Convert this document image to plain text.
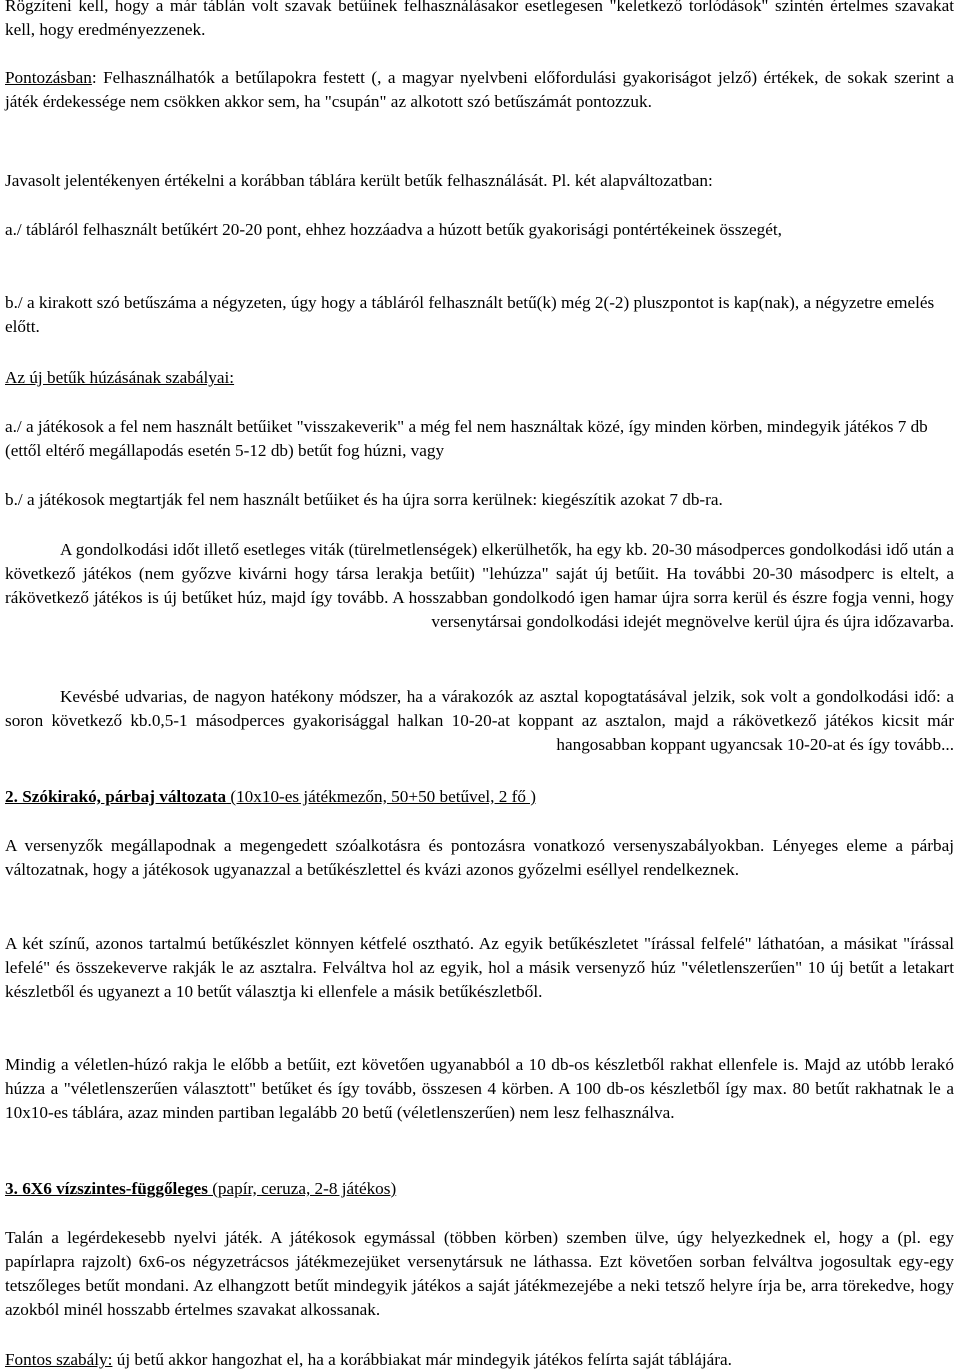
Rögzíteni kell, hogy a már táblán volt szavak betűinek felhasználásakor esetlegesen "keletkező torlódások" szintén értelmes szavakat kell, hogy eredményezzenek.

Pontozásban: Felhasználhatók a betűlapokra festett (, a magyar nyelvbeni előfordulási gyakoriságot jelző) értékek, de sokak szerint a játék érdekessége nem csökken akkor sem, ha "csupán" az alkotott szó betűszámát pontozzuk.

Javasolt jelentékenyen értékelni a korábban táblára került betűk felhasználását. Pl. két alapváltozatban:

a./ tábláról felhasznált betűkért 20-20 pont, ehhez hozzáadva a húzott betűk gyakorisági pontértékeinek összegét,

b./ a kirakott szó betűszáma a négyzeten, úgy hogy a tábláról felhasznált betű(k) még 2(-2) pluszpontot is kap(nak), a négyzetre emelés előtt.

Az új betűk húzásának szabályai:

a./ a játékosok a fel nem használt betűiket "visszakeverik" a még fel nem használtak közé, így minden körben, mindegyik játékos 7 db (ettől eltérő megállapodás esetén 5-12 db) betűt fog húzni, vagy

b./ a játékosok megtartják fel nem használt betűiket és ha újra sorra kerülnek: kiegészítik azokat 7 db-ra.

A gondolkodási időt illető esetleges viták (türelmetlenségek) elkerülhetők, ha egy kb. 20-30 másodperces gondolkodási idő után a következő játékos (nem győzve kivárni hogy társa lerakja betűit) "lehúzza" saját új betűit. Ha további 20-30 másodperc is eltelt, a rákövetkező játékos is új betűket húz, majd így tovább. A hosszabban gondolkodó igen hamar újra sorra kerül és észre fogja venni, hogy versenytársai gondolkodási idejét megnövelve kerül újra és újra időzavarba.

Kevésbé udvarias, de nagyon hatékony módszer, ha a várakozók az asztal kopogtatásával jelzik, sok volt a gondolkodási idő: a soron következő kb.0,5-1 másodperces gyakorisággal halkan 10-20-at koppant az asztalon, majd a rákövetkező játékos kicsit már hangosabban koppant ugyancsak 10-20-at és így tovább...

2. Szókirakó, párbaj változata (10x10-es játékmezőn, 50+50 betűvel, 2 fő )

A versenyzők megállapodnak a megengedett szóalkotásra és pontozásra vonatkozó versenyszabályokban. Lényeges eleme a párbaj változatnak, hogy a játékosok ugyanazzal a betűkészlettel és kvázi azonos győzelmi eséllyel rendelkeznek.

A két színű, azonos tartalmú betűkészlet könnyen kétfelé osztható. Az egyik betűkészletet "írással felfelé" láthatóan, a másikat "írással lefelé" és összekeverve rakják le az asztalra. Felváltva hol az egyik, hol a másik versenyző húz "véletlenszerűen" 10 új betűt a letakart készletből és ugyanezt a 10 betűt választja ki ellenfele a másik betűkészletből.

Mindig a véletlen-húzó rakja le előbb a betűit, ezt követően ugyanabból a 10 db-os készletből rakhat ellenfele is. Majd az utóbb lerakó húzza a "véletlenszerűen választott" betűket és így tovább, összesen 4 körben. A 100 db-os készletből így max. 80 betűt rakhatnak le a 10x10-es táblára, azaz minden partiban legalább 20 betű (véletlenszerűen) nem lesz felhasználva.

3. 6X6 vízszintes-függőleges (papír, ceruza, 2-8 játékos)

Talán a legérdekesebb nyelvi játék. A játékosok egymással (többen körben) szemben ülve, úgy helyezkednek el, hogy a (pl. egy papírlapra rajzolt) 6x6-os négyzetrácsos játékmezejüket versenytársuk ne láthassa. Ezt követően sorban felváltva jogosultak egy-egy tetszőleges betűt mondani. Az elhangzott betűt mindegyik játékos a saját játékmezejébe a neki tetsző helyre írja be, arra törekedve, hogy azokból minél hosszabb értelmes szavakat alkossanak.

Fontos szabály: új betű akkor hangozhat el, ha a korábbiakat már mindegyik játékos felírta saját táblájára.
